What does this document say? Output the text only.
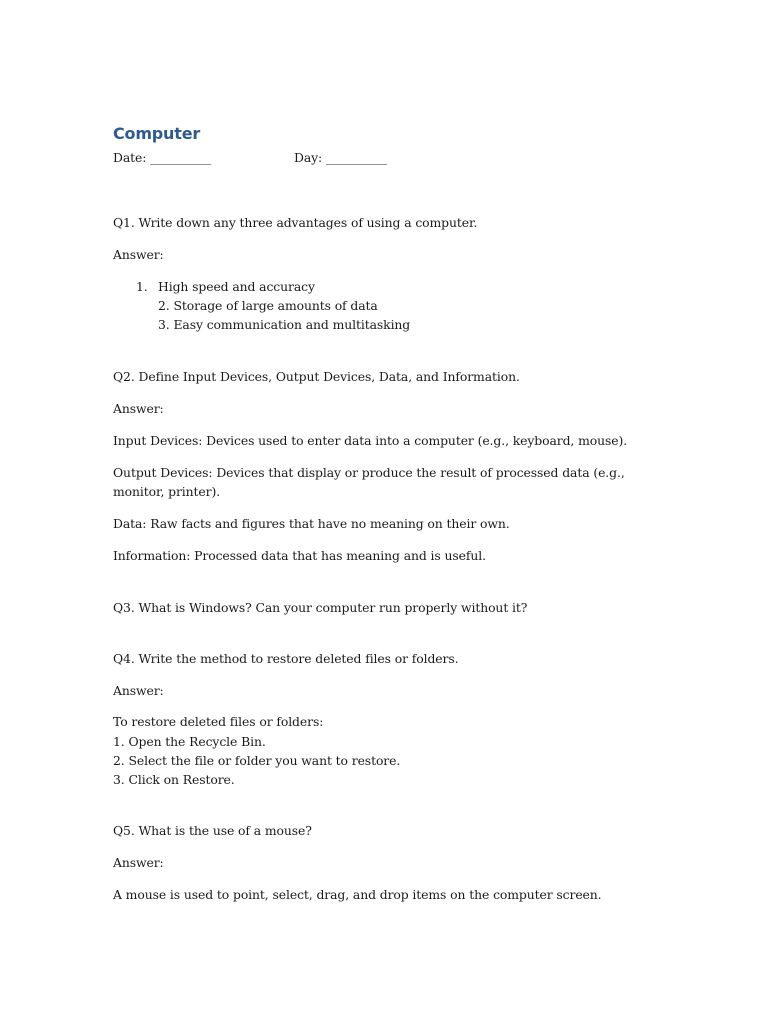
Computer
Date: __________	Day: __________
Q1. Write down any three advantages of using a computer.
Answer:
1. High speed and accuracy
2. Storage of large amounts of data
3. Easy communication and multitasking
Q2. Define Input Devices, Output Devices, Data, and Information.
Answer:
Input Devices: Devices used to enter data into a computer (e.g., keyboard, mouse).
Output Devices: Devices that display or produce the result of processed data (e.g., monitor, printer).
Data: Raw facts and figures that have no meaning on their own.
Information: Processed data that has meaning and is useful.
Q3. What is Windows? Can your computer run properly without it?
Q4. Write the method to restore deleted files or folders.
Answer:
To restore deleted files or folders:
1. Open the Recycle Bin.
2. Select the file or folder you want to restore.
3. Click on Restore.
Q5. What is the use of a mouse?
Answer:
A mouse is used to point, select, drag, and drop items on the computer screen.
